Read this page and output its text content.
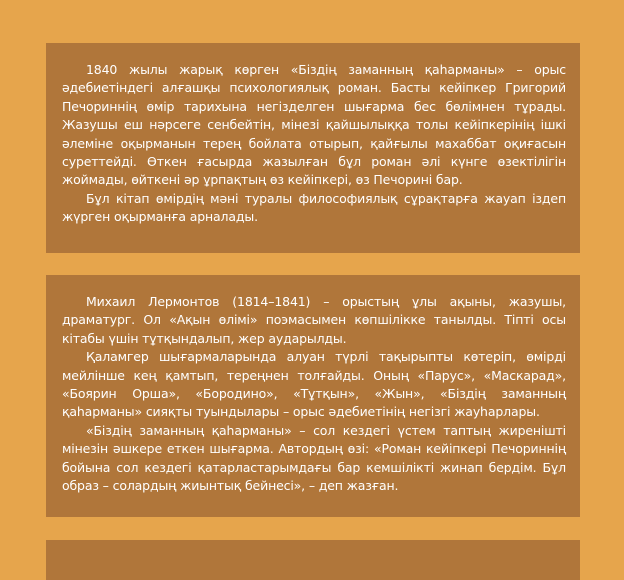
1840 жылы жарық көрген «Біздің заманның қаһарманы» – орыс әдебиетіндегі алғашқы психологиялық роман. Басты кейіпкер Григорий Печориннің өмір тарихына негізделген шығарма бес бөлімнен тұрады. Жазушы еш нәрсеге сенбейтін, мінезі қайшылыққа толы кейіпкерінің ішкі әлеміне оқырманын терең бойлата отырып, қайғылы махаббат оқиғасын суреттейді. Өткен ғасырда жазылған бұл роман әлі күнге өзектілігін жоймады, өйткені әр ұрпақтың өз кейіпкері, өз Печорині бар.

Бұл кітап өмірдің мәні туралы философиялық сұрақтарға жауап іздеп жүрген оқырманға арналады.

Михаил Лермонтов (1814–1841) – орыстың ұлы ақыны, жазушы, драматург. Ол «Ақын өлімі» поэмасымен көпшілікке танылды. Тіпті осы кітабы үшін тұтқындалып, жер аударылды.

Қаламгер шығармаларында алуан түрлі тақырыпты көтеріп, өмірді мейлінше кең қамтып, тереңнен толғайды. Оның «Парус», «Маскарад», «Боярин Орша», «Бородино», «Тұтқын», «Жын», «Біздің заманның қаһарманы» сияқты туындылары – орыс әдебиетінің негізгі жауһарлары.

«Біздің заманның қаһарманы» – сол кездегі үстем таптың жиренішті мінезін әшкере еткен шығарма. Автордың өзі: «Роман кейіпкері Печориннің бойына сол кездегі қатарластарымдағы бар кемшілікті жинап бердім. Бұл образ – солардың жиынтық бейнесі», – деп жазған.
